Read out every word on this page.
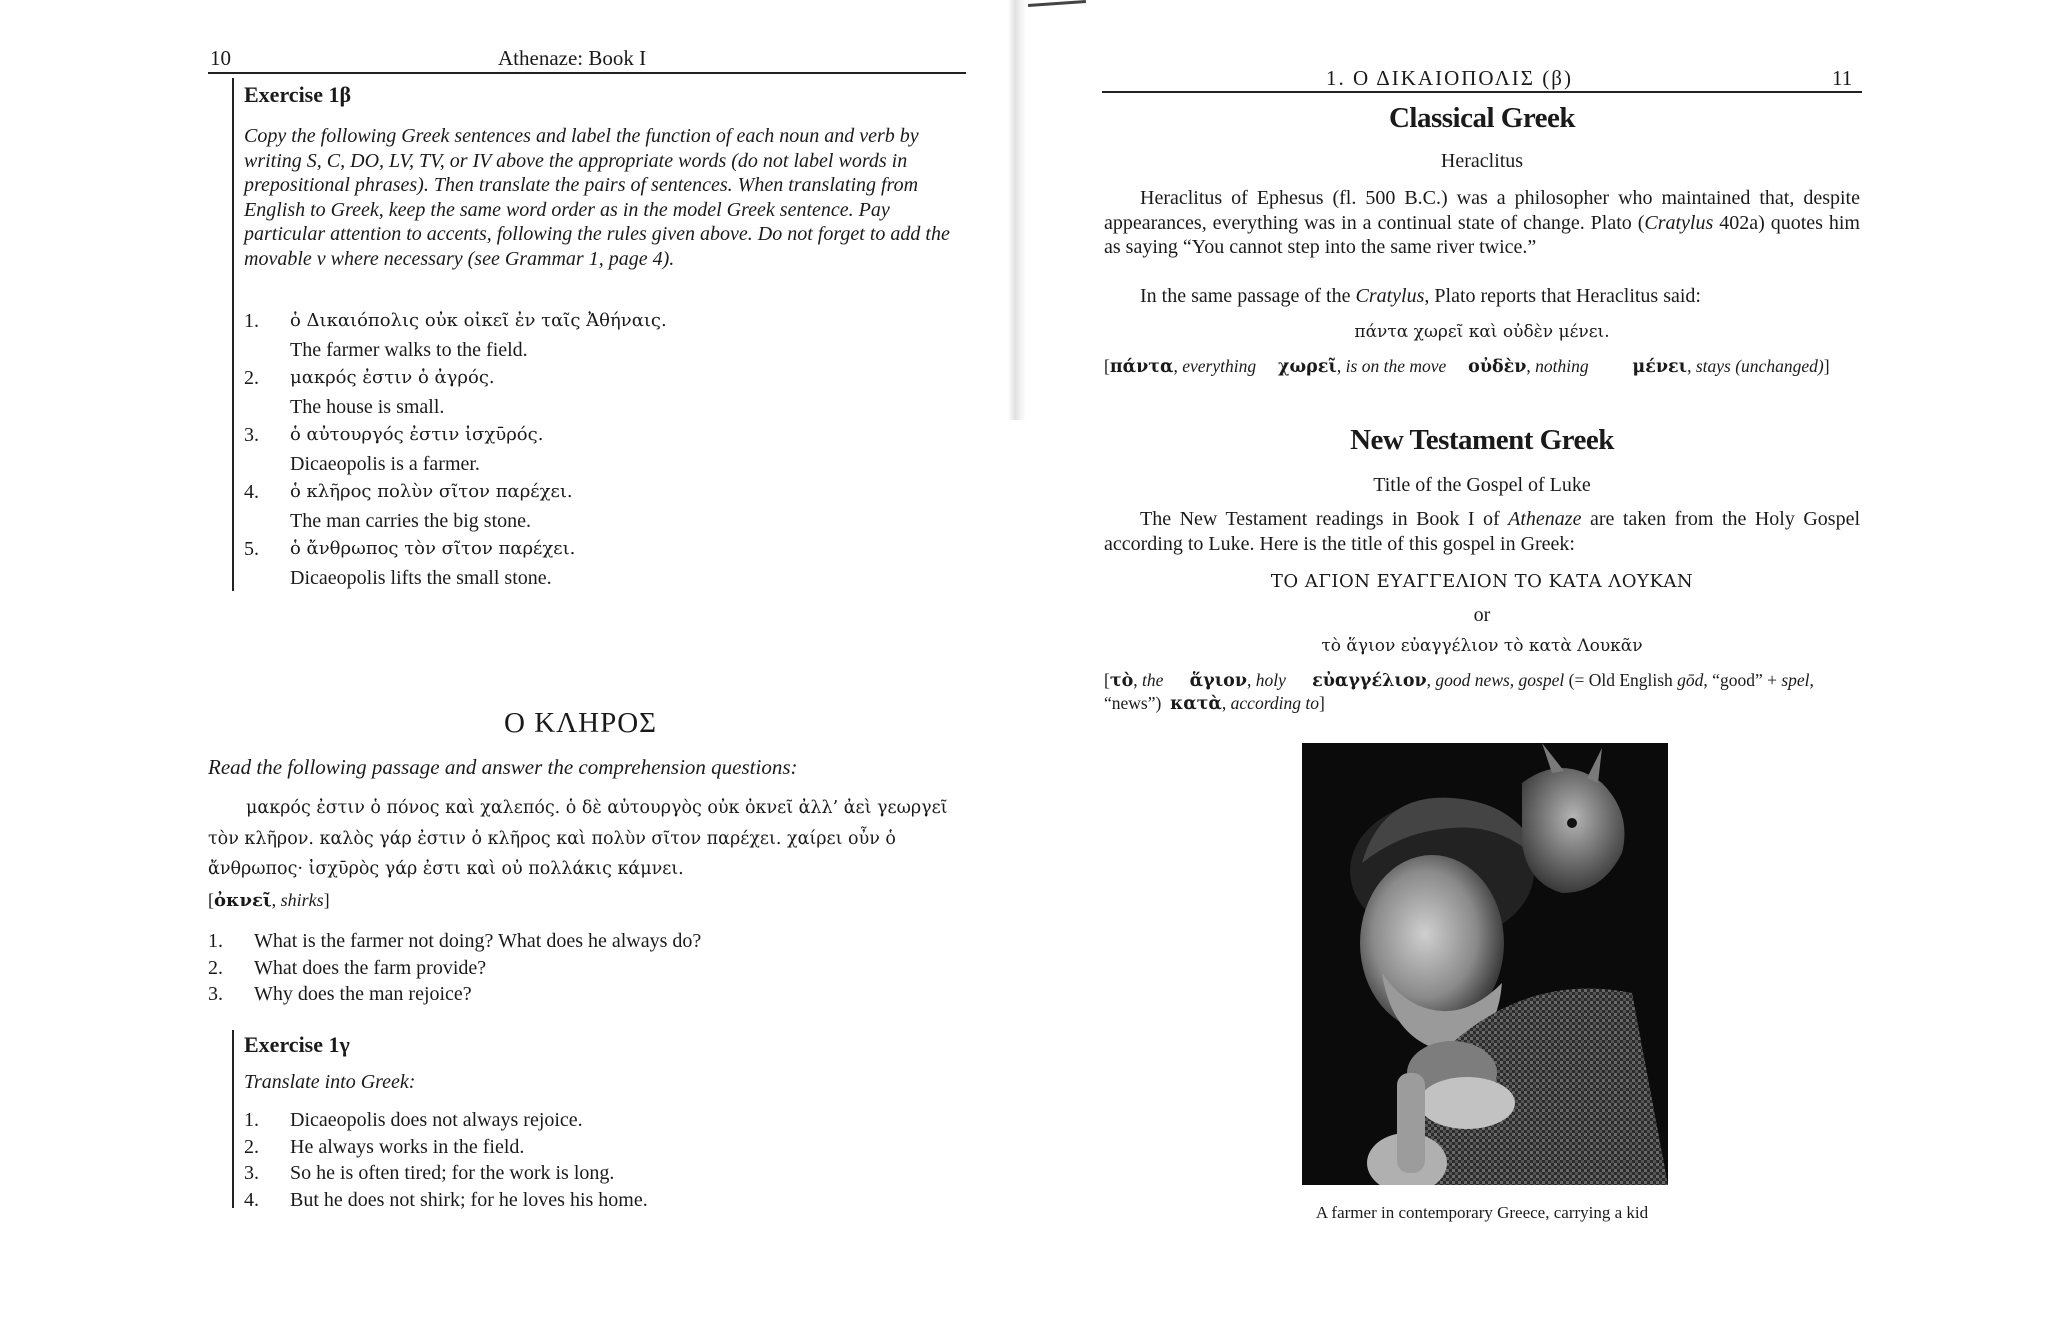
10	Athenaze: Book I
Exercise 1β
Copy the following Greek sentences and label the function of each noun and verb by writing S, C, DO, LV, TV, or IV above the appropriate words (do not label words in prepositional phrases). Then translate the pairs of sentences. When translating from English to Greek, keep the same word order as in the model Greek sentence. Pay particular attention to accents, following the rules given above. Do not forget to add the movable ν where necessary (see Grammar 1, page 4).
1.	ὁ Δικαιόπολις οὐκ οἰκεῖ ἐν ταῖς Ἀθήναις.
The farmer walks to the field.
2.	μακρός ἐστιν ὁ ἀγρός.
The house is small.
3.	ὁ αὐτουργός ἐστιν ἰσχῡρός.
Dicaeopolis is a farmer.
4.	ὁ κλῆρος πολὺν σῖτον παρέχει.
The man carries the big stone.
5.	ὁ ἄνθρωπος τὸν σῖτον παρέχει.
Dicaeopolis lifts the small stone.
Ο ΚΛΗΡΟΣ
Read the following passage and answer the comprehension questions:
μακρός ἐστιν ὁ πόνος καὶ χαλεπός. ὁ δὲ αὐτουργὸς οὐκ ὀκνεῖ ἀλλ’ ἀεὶ γεωργεῖ τὸν κλῆρον. καλὸς γάρ ἐστιν ὁ κλῆρος καὶ πολὺν σῖτον παρέχει. χαίρει οὖν ὁ ἄνθρωπος· ἰσχῡρὸς γάρ ἐστι καὶ οὐ πολλάκις κάμνει.
[ὀκνεῖ, shirks]
1.	What is the farmer not doing? What does he always do?
2.	What does the farm provide?
3.	Why does the man rejoice?
Exercise 1γ
Translate into Greek:
1.	Dicaeopolis does not always rejoice.
2.	He always works in the field.
3.	So he is often tired; for the work is long.
4.	But he does not shirk; for he loves his home.
1. Ο ΔΙΚΑΙΟΠΟΛΙΣ (β)	11
Classical Greek
Heraclitus
Heraclitus of Ephesus (fl. 500 B.C.) was a philosopher who maintained that, despite appearances, everything was in a continual state of change. Plato (Cratylus 402a) quotes him as saying “You cannot step into the same river twice.”
In the same passage of the Cratylus, Plato reports that Heraclitus said:
πάντα χωρεῖ καὶ οὐδὲν μένει.
[πάντα, everything χωρεῖ, is on the move οὐδὲν, nothing	μένει, stays (unchanged)]
New Testament Greek
Title of the Gospel of Luke
The New Testament readings in Book I of Athenaze are taken from the Holy Gospel according to Luke. Here is the title of this gospel in Greek:
ΤΟ ΑΓΙΟΝ ΕΥΑΓΓΕΛΙΟΝ ΤΟ ΚΑΤΑ ΛΟΥΚΑΝ
or
τὸ ἅγιον εὐαγγέλιον τὸ κατὰ Λουκᾶν
[τὸ, the ἅγιον, holy εὐαγγέλιον, good news, gospel (= Old English gōd, “good” + spel, “news”) κατὰ, according to]
A farmer in contemporary Greece, carrying a kid
